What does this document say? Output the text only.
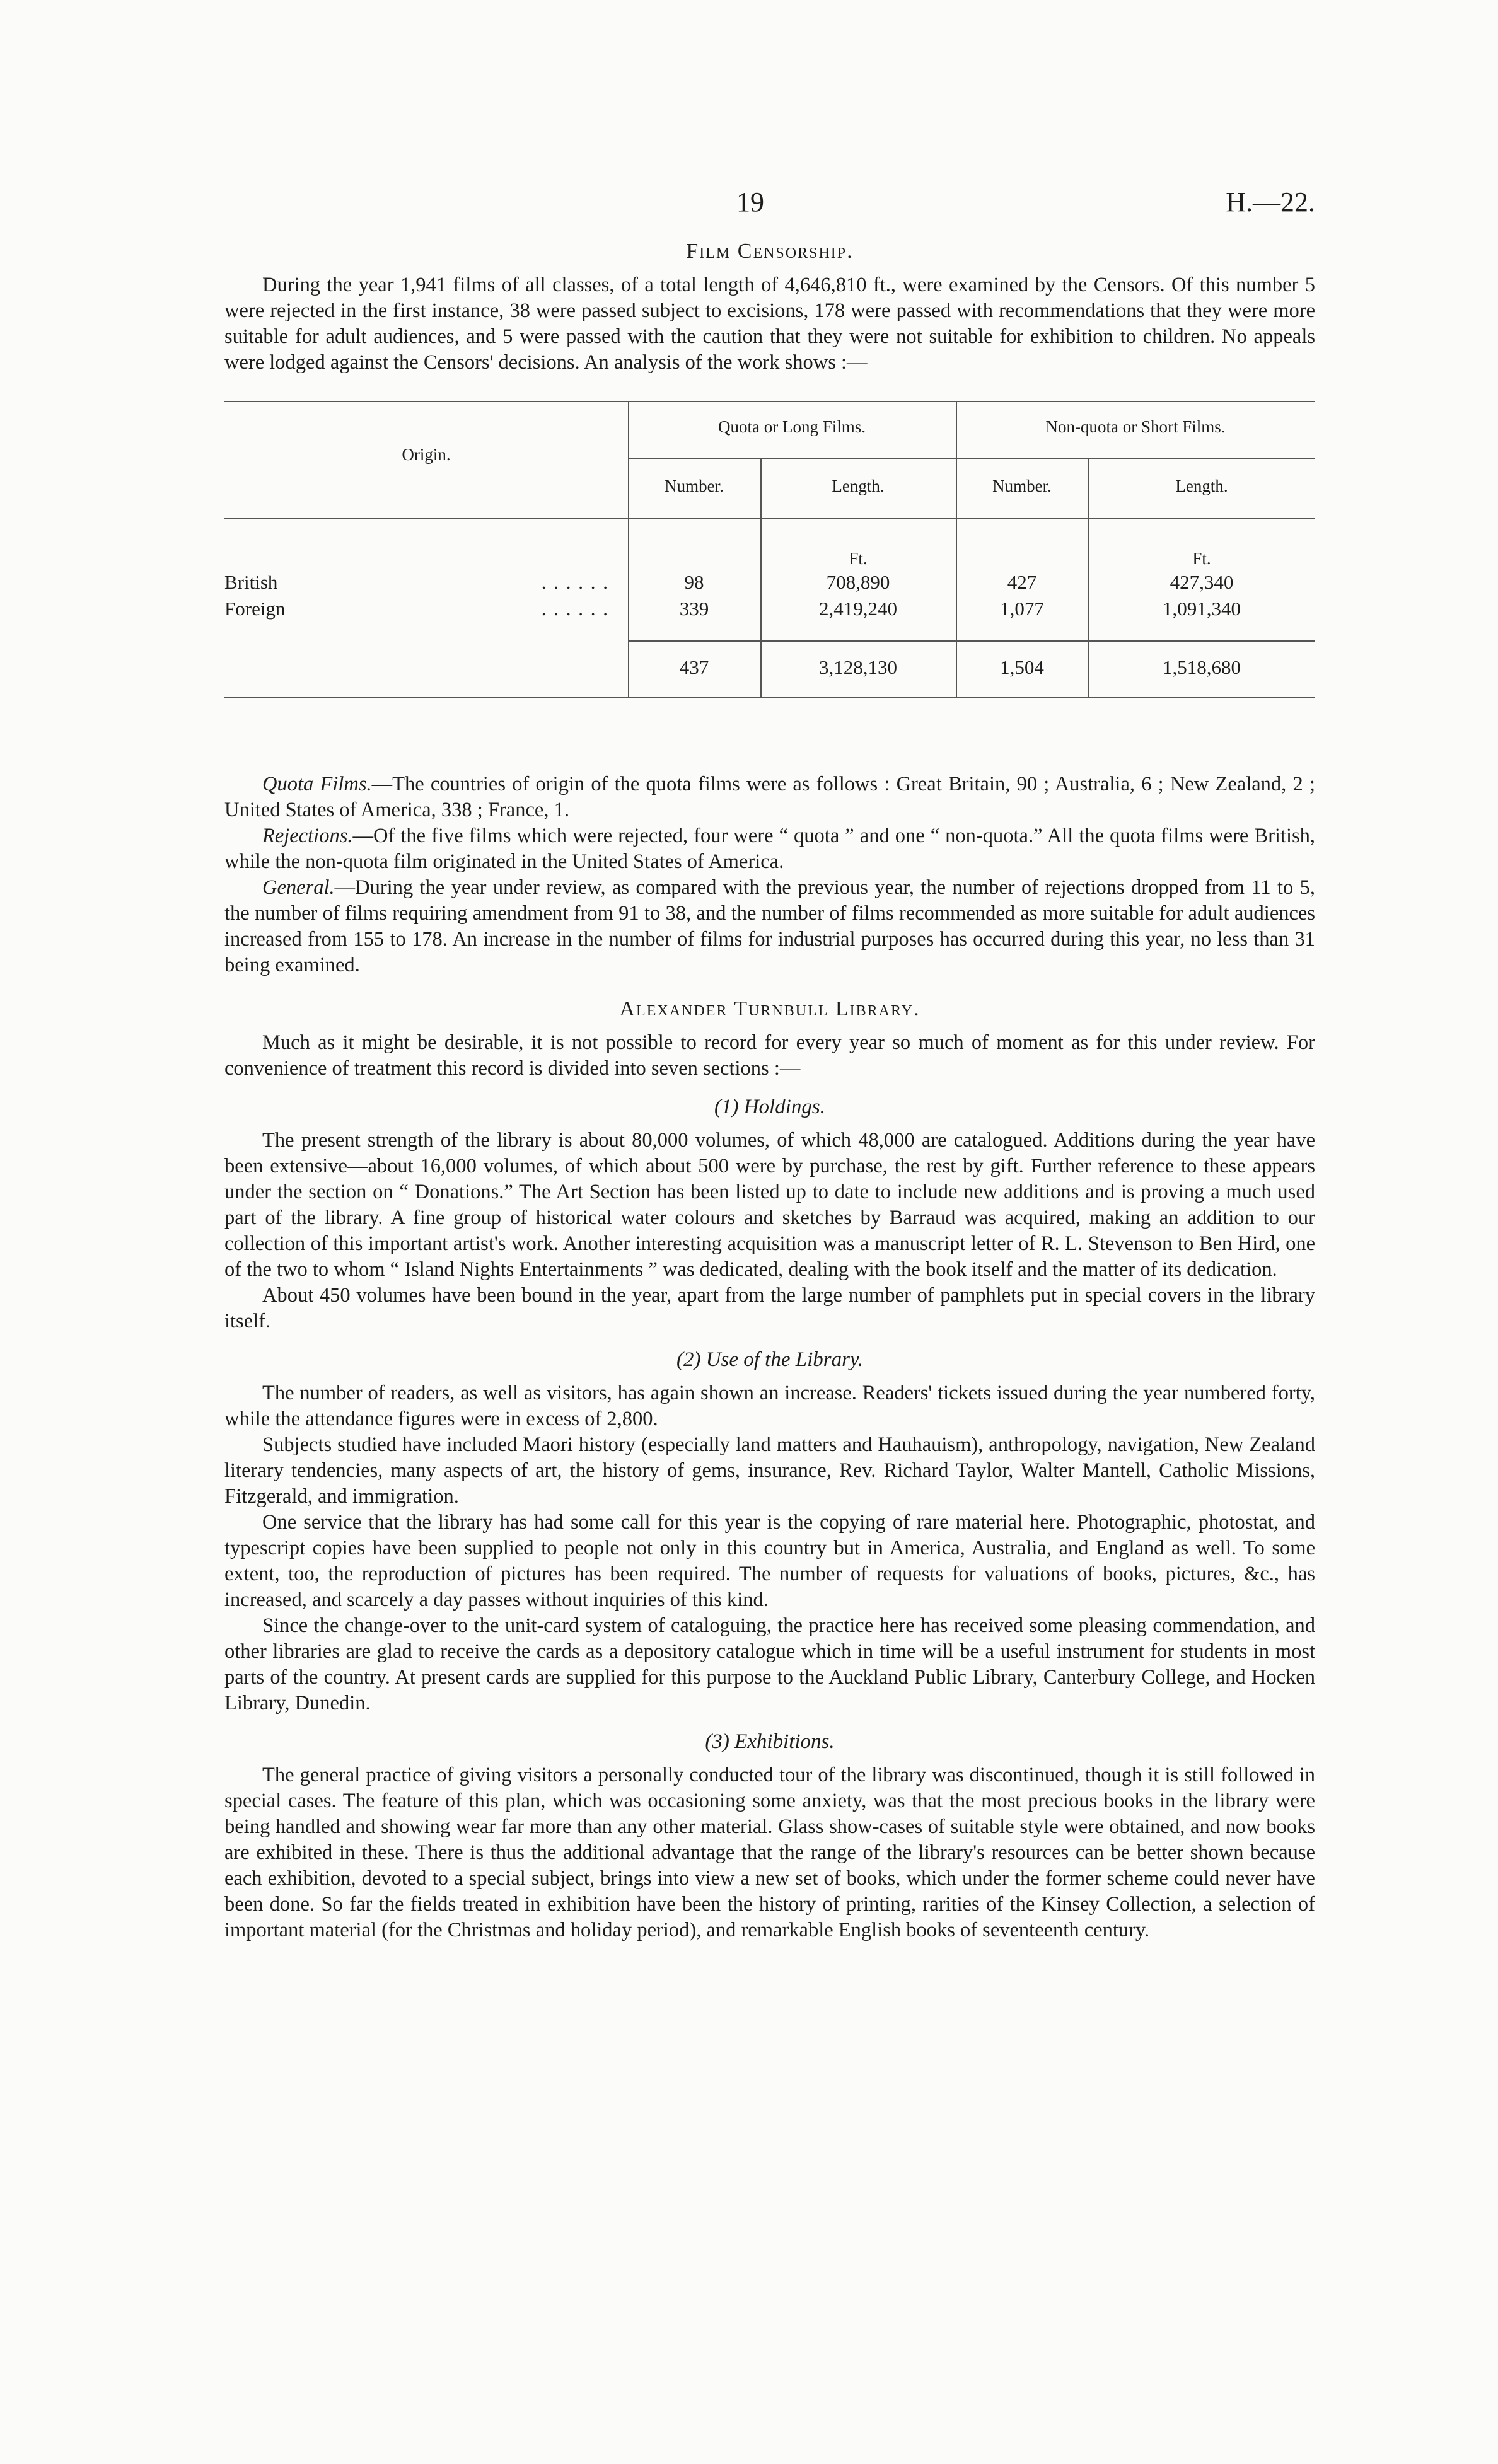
19	H.—22.
Film Censorship.

During the year 1,941 films of all classes, of a total length of 4,646,810 ft., were examined by the Censors. Of this number 5 were rejected in the first instance, 38 were passed subject to excisions, 178 were passed with recommendations that they were more suitable for adult audiences, and 5 were passed with the caution that they were not suitable for exhibition to children. No appeals were lodged against the Censors' decisions. An analysis of the work shows :—

Origin.
Quota or Long Films.	Non-quota or Short Films.
Number.	Length.	Number.	Length.
Ft.	Ft.
British	. . . . . .	98	708,890	427	427,340
Foreign	. . . . . .	339	2,419,240	1,077	1,091,340
437	3,128,130	1,504	1,518,680

Quota Films.—The countries of origin of the quota films were as follows : Great Britain, 90 ; Australia, 6 ; New Zealand, 2 ; United States of America, 338 ; France, 1.

Rejections.—Of the five films which were rejected, four were “ quota ” and one “ non-quota.” All the quota films were British, while the non-quota film originated in the United States of America.

General.—During the year under review, as compared with the previous year, the number of rejections dropped from 11 to 5, the number of films requiring amendment from 91 to 38, and the number of films recommended as more suitable for adult audiences increased from 155 to 178. An increase in the number of films for industrial purposes has occurred during this year, no less than 31 being examined.

Alexander Turnbull Library.

Much as it might be desirable, it is not possible to record for every year so much of moment as for this under review. For convenience of treatment this record is divided into seven sections :—

(1) Holdings.

The present strength of the library is about 80,000 volumes, of which 48,000 are catalogued. Additions during the year have been extensive—about 16,000 volumes, of which about 500 were by purchase, the rest by gift. Further reference to these appears under the section on “ Donations.” The Art Section has been listed up to date to include new additions and is proving a much used part of the library. A fine group of historical water colours and sketches by Barraud was acquired, making an addition to our collection of this important artist's work. Another interesting acquisition was a manuscript letter of R. L. Stevenson to Ben Hird, one of the two to whom “ Island Nights Entertainments ” was dedicated, dealing with the book itself and the matter of its dedication.

About 450 volumes have been bound in the year, apart from the large number of pamphlets put in special covers in the library itself.

(2) Use of the Library.

The number of readers, as well as visitors, has again shown an increase. Readers' tickets issued during the year numbered forty, while the attendance figures were in excess of 2,800.

Subjects studied have included Maori history (especially land matters and Hauhauism), anthropology, navigation, New Zealand literary tendencies, many aspects of art, the history of gems, insurance, Rev. Richard Taylor, Walter Mantell, Catholic Missions, Fitzgerald, and immigration.

One service that the library has had some call for this year is the copying of rare material here. Photographic, photostat, and typescript copies have been supplied to people not only in this country but in America, Australia, and England as well. To some extent, too, the reproduction of pictures has been required. The number of requests for valuations of books, pictures, &c., has increased, and scarcely a day passes without inquiries of this kind.

Since the change-over to the unit-card system of cataloguing, the practice here has received some pleasing commendation, and other libraries are glad to receive the cards as a depository catalogue which in time will be a useful instrument for students in most parts of the country. At present cards are supplied for this purpose to the Auckland Public Library, Canterbury College, and Hocken Library, Dunedin.

(3) Exhibitions.

The general practice of giving visitors a personally conducted tour of the library was discontinued, though it is still followed in special cases. The feature of this plan, which was occasioning some anxiety, was that the most precious books in the library were being handled and showing wear far more than any other material. Glass show-cases of suitable style were obtained, and now books are exhibited in these. There is thus the additional advantage that the range of the library's resources can be better shown because each exhibition, devoted to a special subject, brings into view a new set of books, which under the former scheme could never have been done. So far the fields treated in exhibition have been the history of printing, rarities of the Kinsey Collection, a selection of important material (for the Christmas and holiday period), and remarkable English books of seventeenth century.
